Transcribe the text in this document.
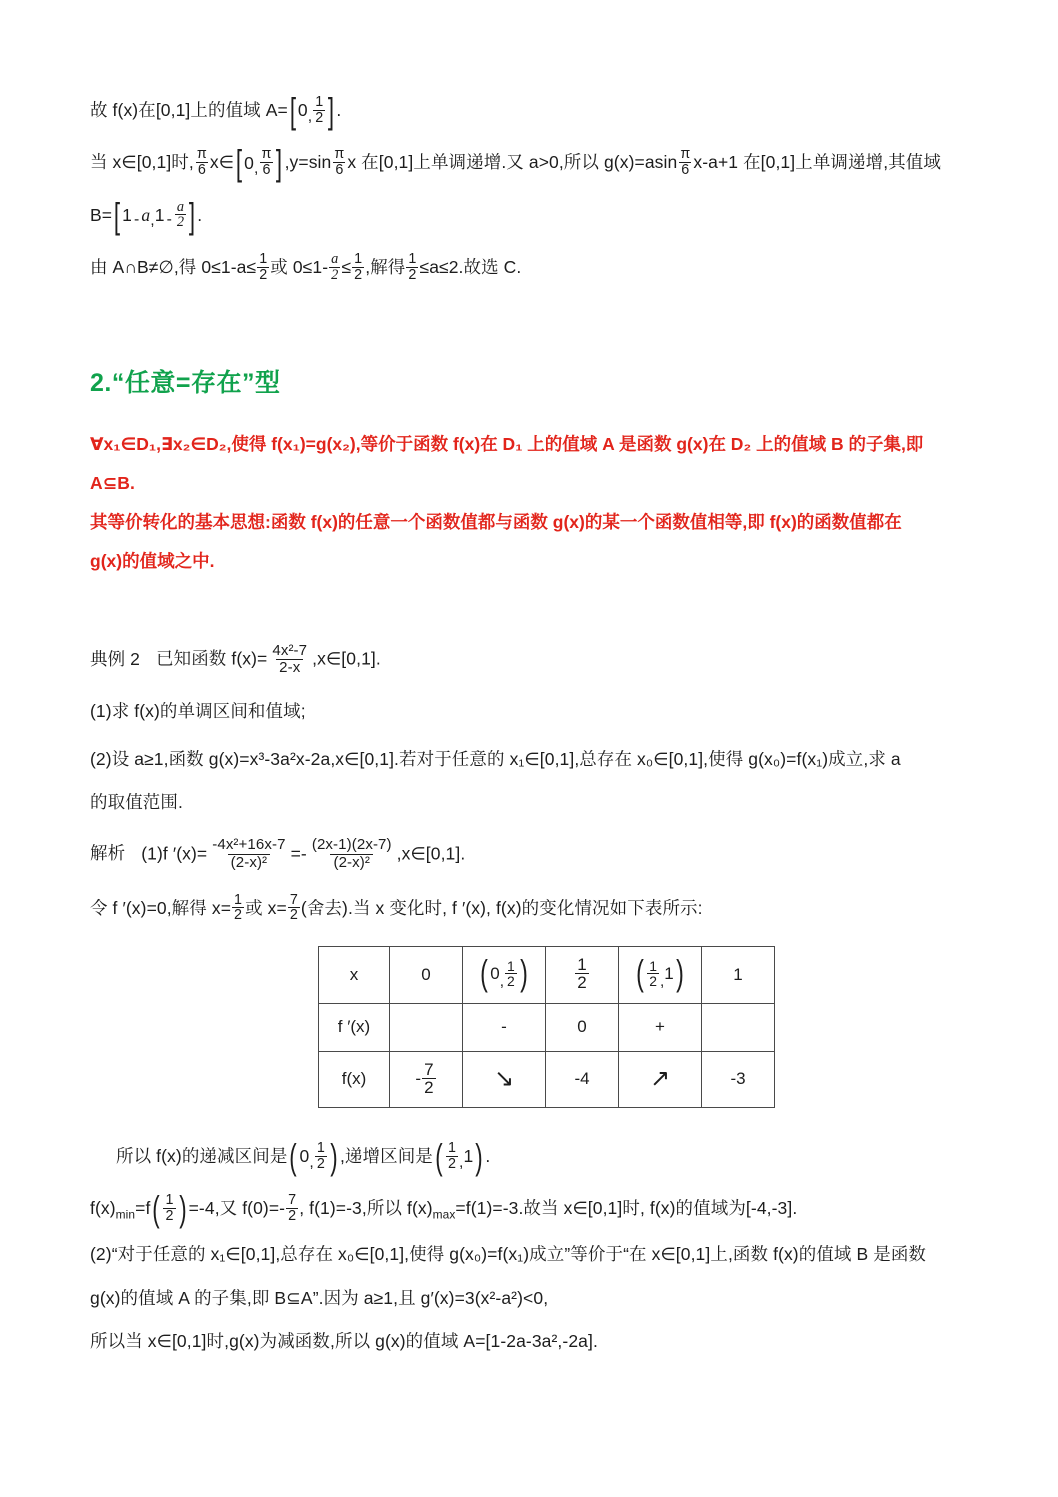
故 f(x)在[0,1]上的值域 A= [ 0 , $\frac{1}{2}$ ] .

当 x∈[0,1]时, $\frac{\pi}{6}$ x∈ [ 0 , $\frac{\pi}{6}$ ] $,y=\sin \frac{\pi}{6}$ x 在[0,1]上单调递增.又 a>0,所以 $g(x)=asin \frac{\pi}{6} x-a+1$ 在[0,1]上单调递增,其值域

B= [ 1 - a , $1 - \frac{a}{2}$ ] .

由 A∩B≠∅,得 $0\le 1-a\le \frac{1}{2}$ 或 $0\le 1- \frac{a}{2} \le \frac{1}{2}$ ,解得 $\frac{1}{2} \le a\le 2$.故选 C.

2.“任意=存在”型

∀x₁∈D₁,∃x₂∈D₂,使得 f(x₁)=g(x₂),等价于函数 f(x)在 D₁ 上的值域 A 是函数 g(x)在 D₂ 上的值域 B 的子集,即

A⊆B.

其等价转化的基本思想:函数 f(x)的任意一个函数值都与函数 g(x)的某一个函数值相等,即 f(x)的函数值都在

g(x)的值域之中.

典例 2 已知函数 $f(x)= \frac{\text{4x²-7}}{2-x}$ ,x∈[0,1].

(1)求 f(x)的单调区间和值域;

(2)设 a≥1,函数 g(x)=x³-3a²x-2a,x∈[0,1].若对于任意的 x₁∈[0,1],总存在 x₀∈[0,1],使得 g(x₀)=f(x₁)成立,求 a

的取值范围.

解析 (1)f $'(x)= \frac{\text{-4x²+16x-7}}{\text{(2-x)²}} =- \frac{(2x-1)(2x-7)}{\text{(2-x)²}}$ ,x∈[0,1].

令 f ′(x)=0,解得 $x= \frac{1}{2}$ 或 $x= \frac{7}{2}$ (舍去).当 x 变化时, f ′(x), f(x)的变化情况如下表所示:

x	0	( 0 , $\frac{1}{2}$ )	$\frac{1}{2}$	( $\frac{1}{2}$ , 1 )	1
f ′(x)		-	0	+	
f(x)	- $\frac{7}{2}$	↘	-4	↗	-3

所以 f(x)的递减区间是 ( 0 , $\frac{1}{2}$ ) ,递增区间是 ( $\frac{1}{2}$ , 1 ) .

$f(x)_{min}=f$ ( $\frac{1}{2}$ ) =-4,又 $f(0)=- \frac{7}{2}$ , f(1)=-3,所以 $f(x)_{max}=f(1)=-3$.故当 x∈[0,1]时, f(x)的值域为[-4,-3].

(2)“对于任意的 x₁∈[0,1],总存在 x₀∈[0,1],使得 g(x₀)=f(x₁)成立”等价于“在 x∈[0,1]上,函数 f(x)的值域 B 是函数

g(x)的值域 A 的子集,即 B⊆A”.因为 a≥1,且 g′(x)=3(x²-a²)<0,

所以当 x∈[0,1]时,g(x)为减函数,所以 g(x)的值域 A=[1-2a-3a²,-2a].
